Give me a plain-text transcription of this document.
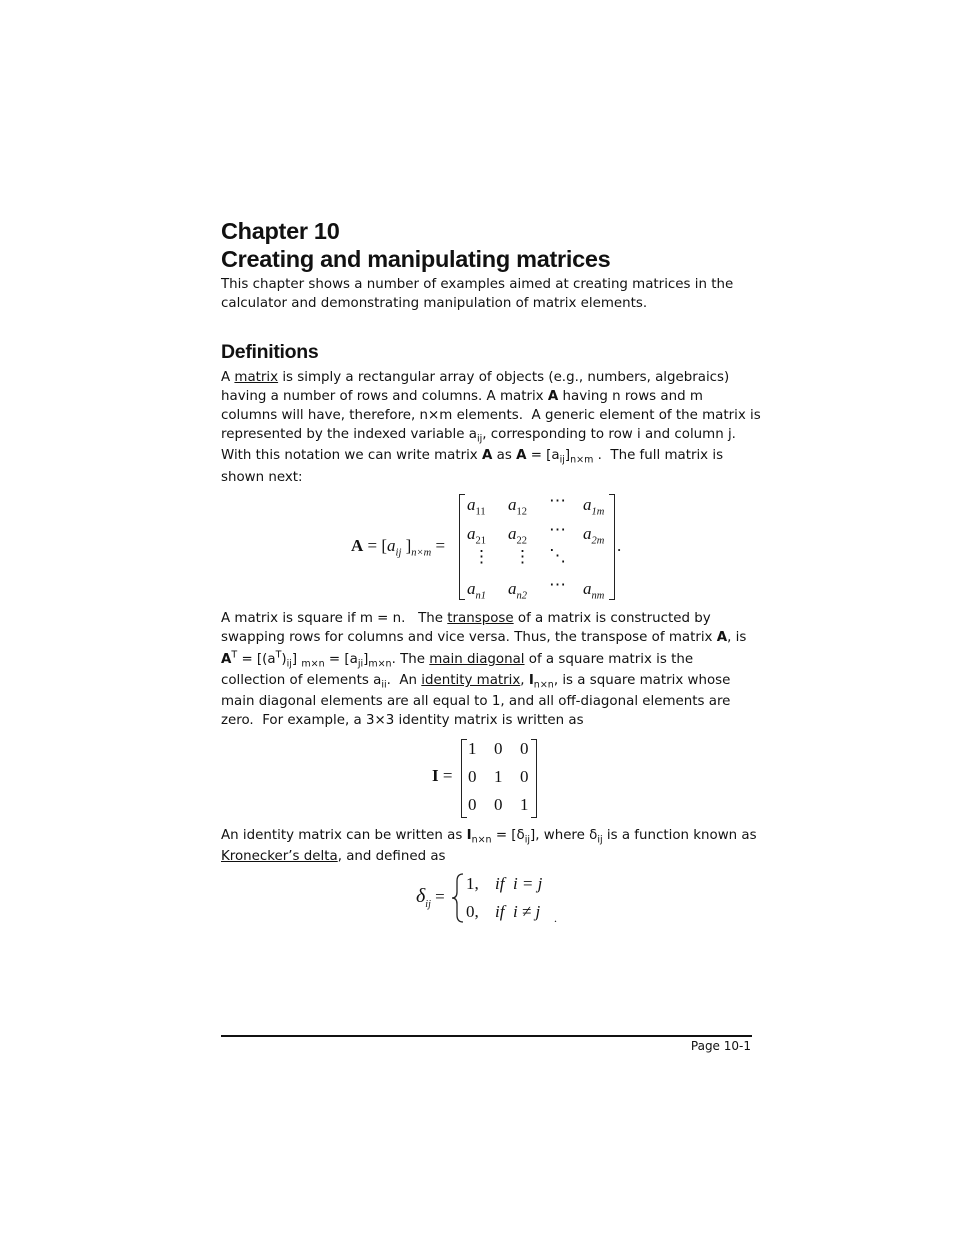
Chapter 10
Creating and manipulating matrices
This chapter shows a number of examples aimed at creating matrices in the
calculator and demonstrating manipulation of matrix elements.
Definitions
A matrix is simply a rectangular array of objects (e.g., numbers, algebraics)
having a number of rows and columns. A matrix A having n rows and m
columns will have, therefore, n×m elements.  A generic element of the matrix is
represented by the indexed variable $a_{ij}$, corresponding to row i and column j.
With this notation we can write matrix A as $A = [a_{ij}]_{n\times m}$ .  The full matrix is
shown next:
$A = [a_{ij}$ ]$_{n\times m}$ =
$a_{11}$ $a_{12}$
⋯ $a_{1m}$
$a_{21}$ $a_{22}$
⋯ $a_{2m}$
⋮ ⋮ ⋱
$a_{n1}$ $a_{n2}$
⋯ $a_{nm}$
.
A matrix is square if m = n.   The transpose of a matrix is constructed by
swapping rows for columns and vice versa. Thus, the transpose of matrix A, is
$A^T = [(a^T)_{ij}] _{m\times n} = [a_{ji}]_{m\times n}$. The main diagonal of a square matrix is the
collection of elements $a_{ii}$.  An identity matrix, $I_{n\times n}$, is a square matrix whose
main diagonal elements are all equal to 1, and all off-diagonal elements are
zero.  For example, a 3×3 identity matrix is written as
I =
1 0 0
0 1 0
0 0 1
An identity matrix can be written as $I_{n\times n} = [\delta_{ij}]$, where $\delta_{ij}$ is a function known as
Kronecker’s delta, and defined as
$\delta_{ij}$ =
1, if  i = j
0, if  i ≠ j .
Page 10-1
